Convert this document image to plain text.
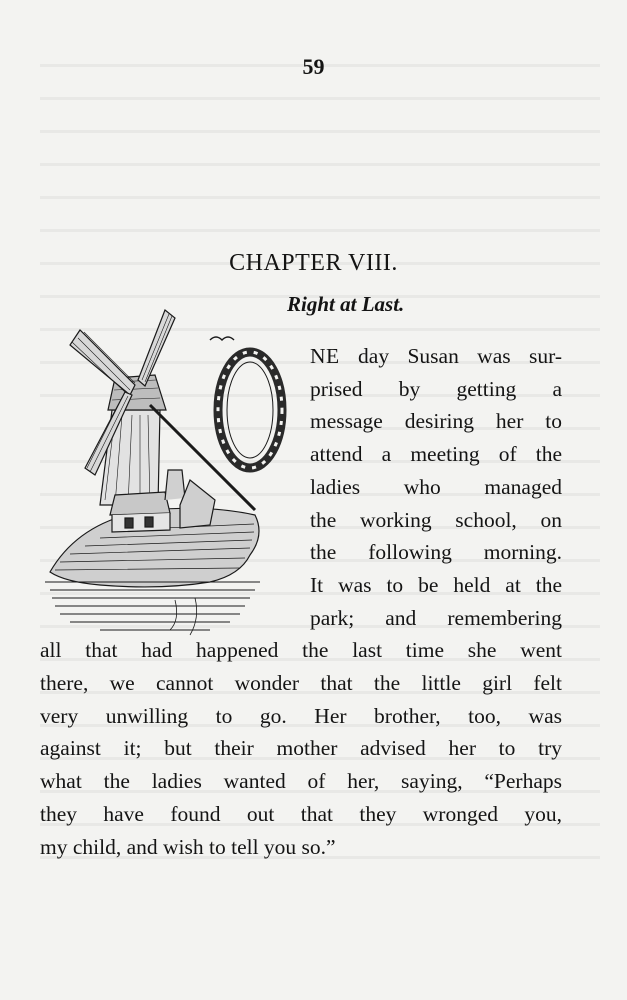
59
CHAPTER VIII.
Right at Last.
NE day Susan was sur-
prised by getting a
message desiring her to
attend a meeting of the
ladies who managed
the working school, on
the following morning.
It was to be held at the
park; and remembering
all that had happened the last time she went
there, we cannot wonder that the little girl felt
very unwilling to go. Her brother, too, was
against it; but their mother advised her to try
what the ladies wanted of her, saying, “Perhaps
they have found out that they wronged you,
my child, and wish to tell you so.”
